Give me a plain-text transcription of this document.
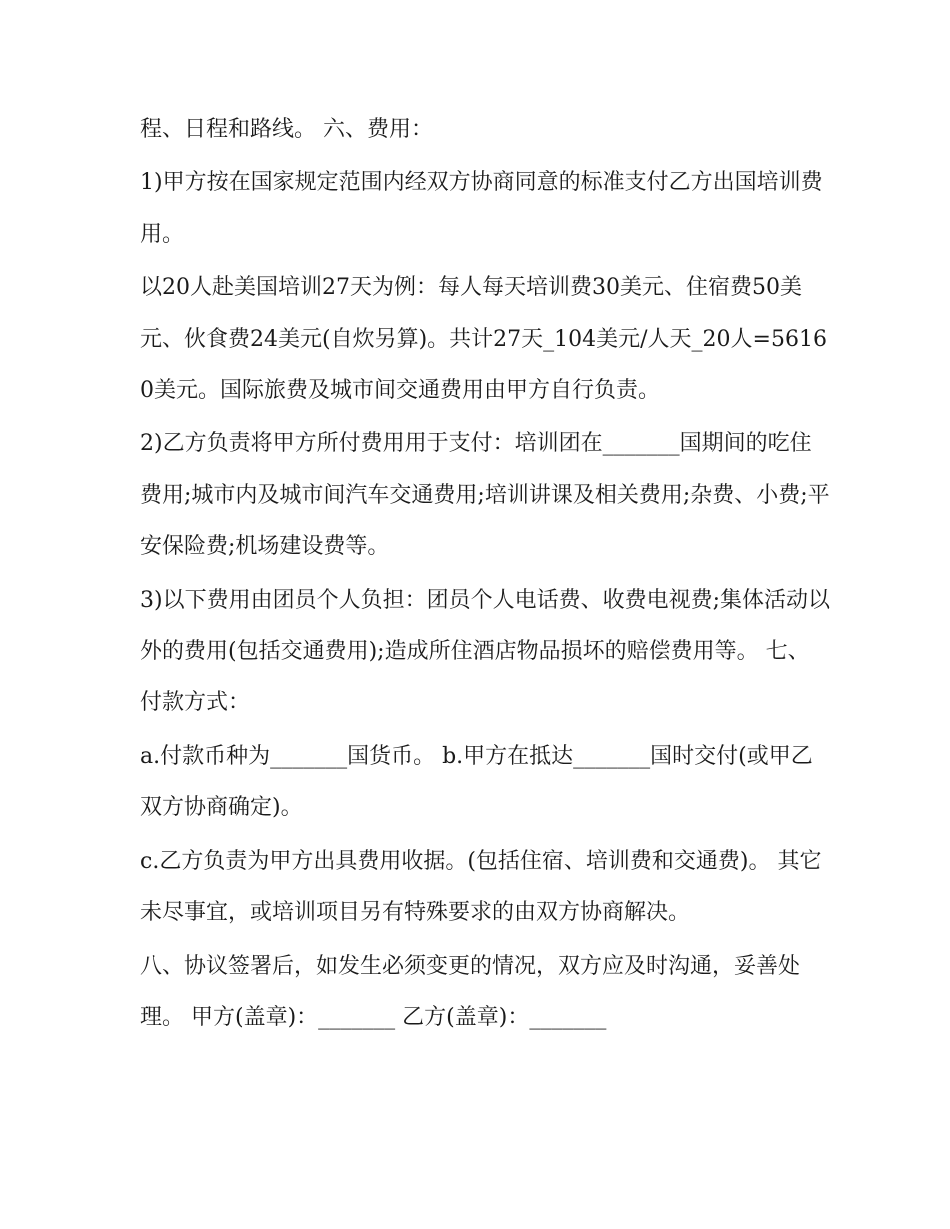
程、日程和路线。 六、费用：

1)甲方按在国家规定范围内经双方协商同意的标准支付乙方出国培训费用。

以20人赴美国培训27天为例：每人每天培训费30美元、住宿费50美元、伙食费24美元(自炊另算)。共计27天_104美元/人天_20人=56160美元。国际旅费及城市间交通费用由甲方自行负责。

2)乙方负责将甲方所付费用用于支付：培训团在_______国期间的吃住费用;城市内及城市间汽车交通费用;培训讲课及相关费用;杂费、小费;平安保险费;机场建设费等。

3)以下费用由团员个人负担：团员个人电话费、收费电视费;集体活动以外的费用(包括交通费用);造成所住酒店物品损坏的赔偿费用等。 七、付款方式：

a.付款币种为_______国货币。 b.甲方在抵达_______国时交付(或甲乙双方协商确定)。

c.乙方负责为甲方出具费用收据。(包括住宿、培训费和交通费)。 其它未尽事宜，或培训项目另有特殊要求的由双方协商解决。

八、协议签署后，如发生必须变更的情况，双方应及时沟通，妥善处理。 甲方(盖章)：_______ 乙方(盖章)：_______
